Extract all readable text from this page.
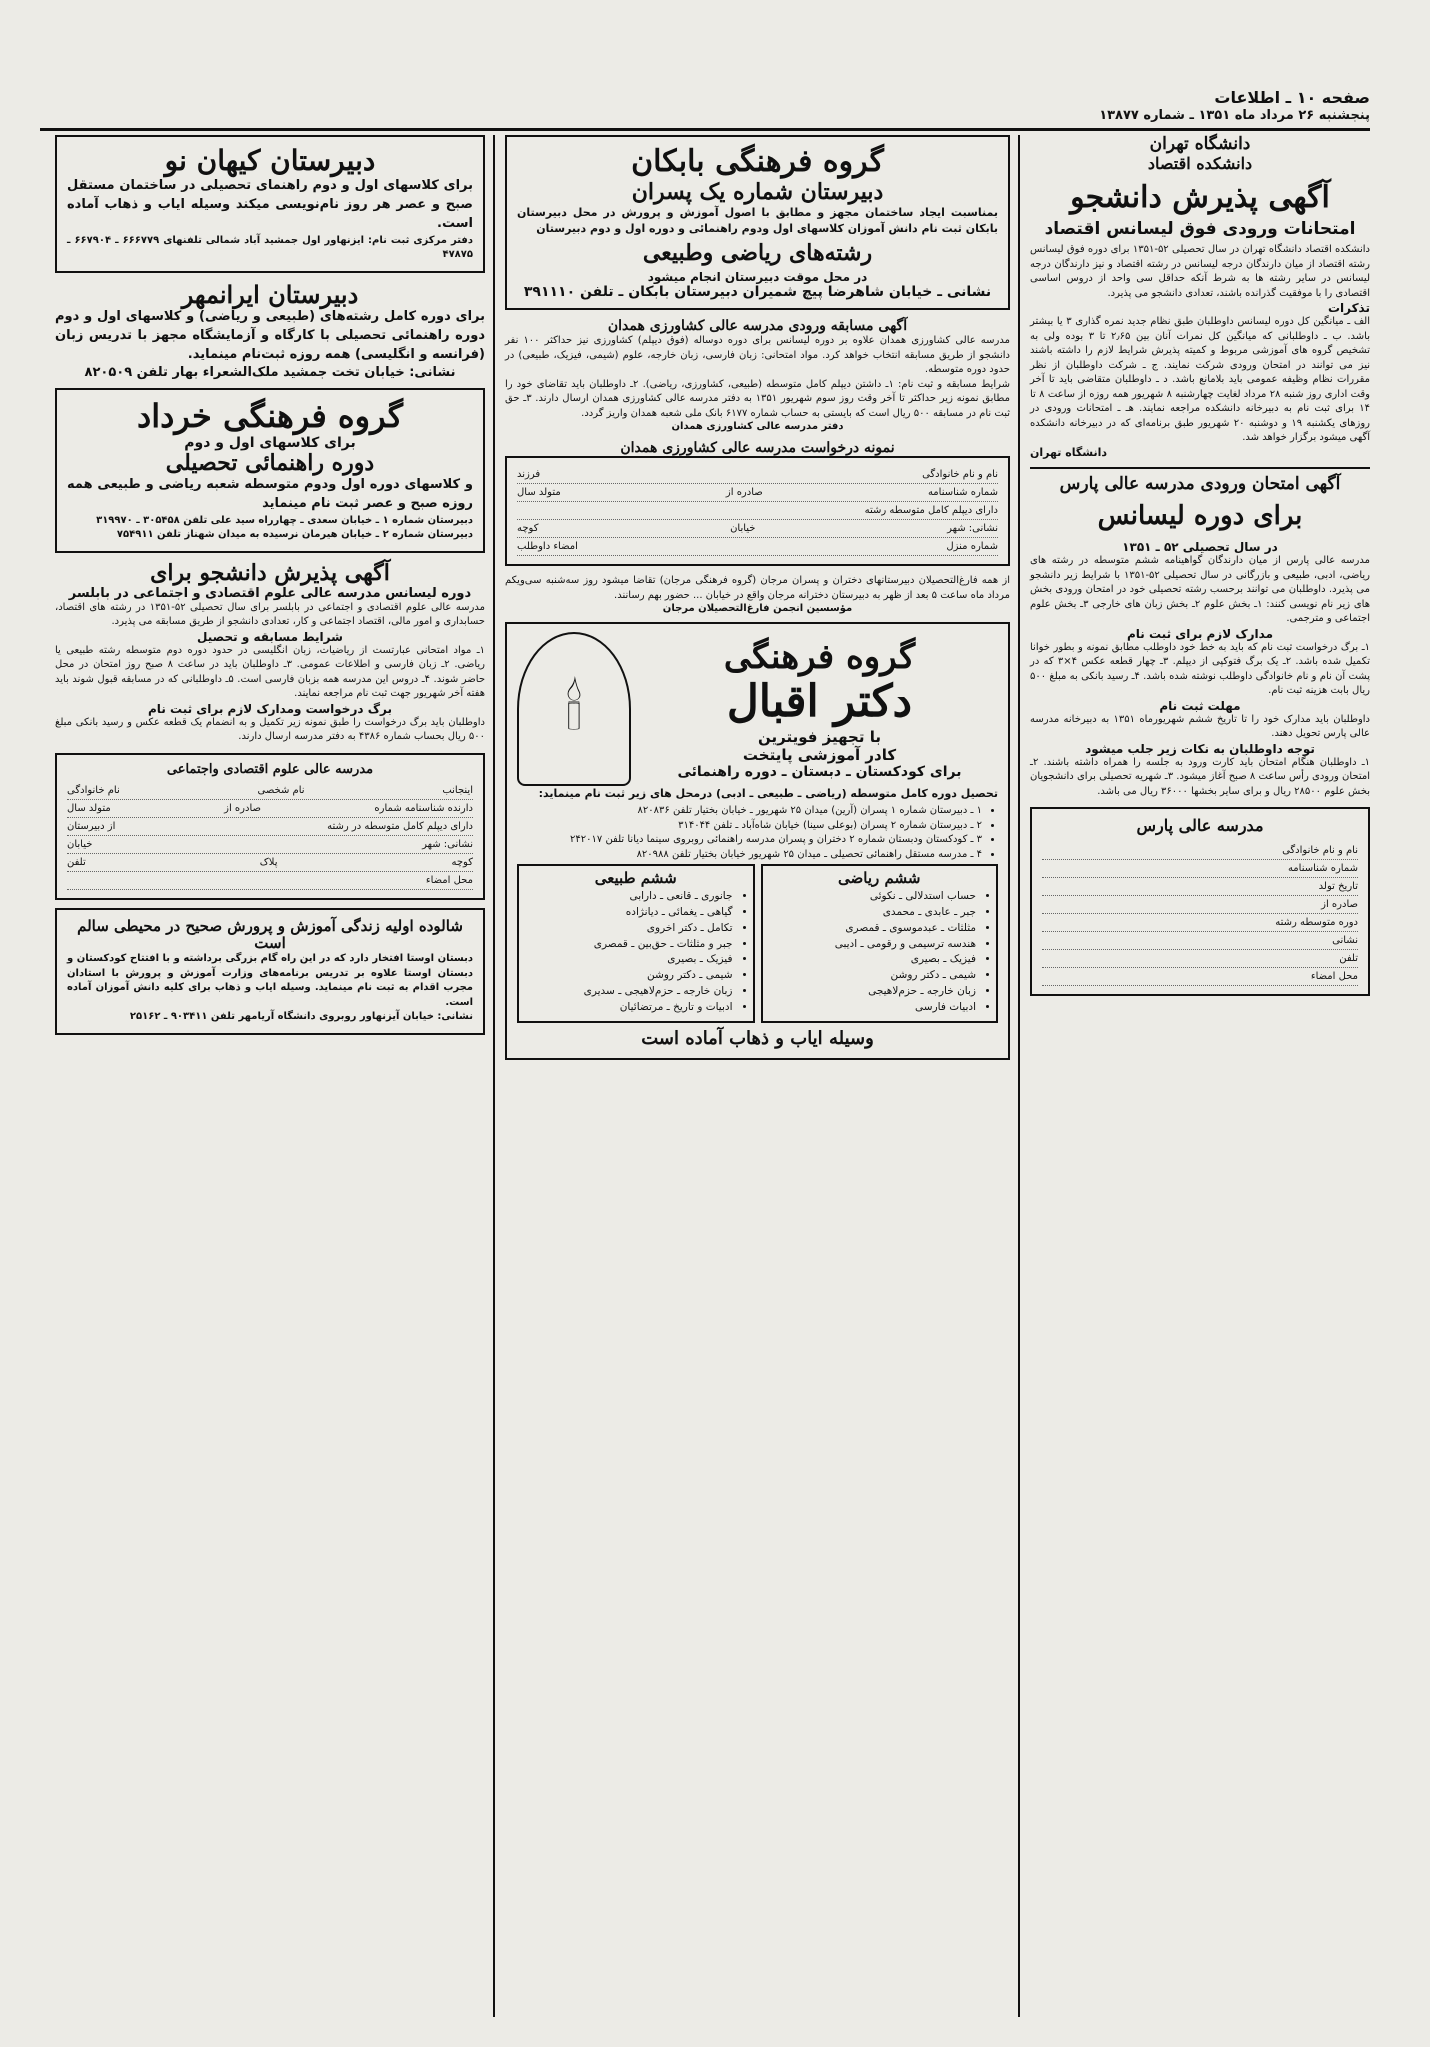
صفحه ۱۰ ـ اطلاعات
پنجشنبه ۲۶ مرداد ماه ۱۳۵۱ ـ شماره ۱۳۸۷۷
دانشگاه تهران
دانشکده اقتصاد
آگهی پذیرش دانشجو
امتحانات ورودی فوق لیسانس اقتصاد
دانشکده اقتصاد دانشگاه تهران در سال تحصیلی ۵۲-۱۳۵۱ برای دوره فوق لیسانس رشته اقتصاد از میان دارندگان درجه لیسانس در رشته اقتصاد و نیز دارندگان درجه لیسانس در سایر رشته ها به شرط آنکه حداقل سی واحد از دروس اساسی اقتصادی را با موفقیت گذرانده باشند، تعدادی دانشجو می پذیرد.
تذکرات
الف ـ میانگین کل دوره لیسانس داوطلبان طبق نظام جدید نمره گذاری ۳ یا بیشتر باشد. ب ـ داوطلبانی که میانگین کل نمرات آنان بین ۲٫۶۵ تا ۳ بوده ولی به تشخیص گروه های آموزشی مربوط و کمیته پذیرش شرایط لازم را داشته باشند نیز می توانند در امتحان ورودی شرکت نمایند. ج ـ شرکت داوطلبان از نظر مقررات نظام وظیفه عمومی باید بلامانع باشد. د ـ داوطلبان متقاضی باید تا آخر وقت اداری روز شنبه ۲۸ مرداد لغایت چهارشنبه ۸ شهریور همه روزه از ساعت ۸ تا ۱۴ برای ثبت نام به دبیرخانه دانشکده مراجعه نمایند. هـ ـ امتحانات ورودی در روزهای یکشنبه ۱۹ و دوشنبه ۲۰ شهریور طبق برنامه‌ای که در دبیرخانه دانشکده آگهی میشود برگزار خواهد شد.
دانشگاه تهران
آگهی امتحان ورودی مدرسه عالی پارس
برای دوره لیسانس
در سال تحصیلی ۵۲ ـ ۱۳۵۱
مدرسه عالی پارس از میان دارندگان گواهینامه ششم متوسطه در رشته های ریاضی، ادبی، طبیعی و بازرگانی در سال تحصیلی ۵۲-۱۳۵۱ با شرایط زیر دانشجو می پذیرد. داوطلبان می توانند برحسب رشته تحصیلی خود در امتحان ورودی بخش های زیر نام نویسی کنند: ۱ـ بخش علوم ۲ـ بخش زبان های خارجی ۳ـ بخش علوم اجتماعی و مترجمی.
مدارک لازم برای ثبت نام
۱ـ برگ درخواست ثبت نام که باید به خط خود داوطلب مطابق نمونه و بطور خوانا تکمیل شده باشد. ۲ـ یک برگ فتوکپی از دیپلم. ۳ـ چهار قطعه عکس ۴×۳ که در پشت آن نام و نام خانوادگی داوطلب نوشته شده باشد. ۴ـ رسید بانکی به مبلغ ۵۰۰ ریال بابت هزینه ثبت نام.
مهلت ثبت نام
داوطلبان باید مدارک خود را تا تاریخ ششم شهریورماه ۱۳۵۱ به دبیرخانه مدرسه عالی پارس تحویل دهند.
توجه داوطلبان به نکات زیر جلب میشود
۱ـ داوطلبان هنگام امتحان باید کارت ورود به جلسه را همراه داشته باشند. ۲ـ امتحان ورودی رأس ساعت ۸ صبح آغاز میشود. ۳ـ شهریه تحصیلی برای دانشجویان بخش علوم ۲۸۵۰۰ ریال و برای سایر بخشها ۳۶۰۰۰ ریال می باشد.
مدرسه عالی پارس
نام و نام خانوادگی
شماره شناسنامه
تاریخ تولد
صادره از
دوره متوسطه رشته
نشانی
تلفن
محل امضاء
گروه فرهنگی بابکان
دبیرستان شماره یک پسران
بمناسبت ایجاد ساختمان مجهز و مطابق با اصول آموزش و پرورش در محل دبیرستان بابکان ثبت نام دانش آموزان کلاسهای اول ودوم راهنمائی و دوره اول و دوم دبیرستان
رشته‌های ریاضی وطبیعی
در محل موقت دبیرستان انجام میشود
نشانی ـ خیابان شاهرضا پیچ شمیران دبیرستان بابکان ـ تلفن ۳۹۱۱۱۰
آگهی مسابقه ورودی مدرسه عالی کشاورزی همدان
مدرسه عالی کشاورزی همدان علاوه بر دوره لیسانس برای دوره دوساله (فوق دیپلم) کشاورزی نیز حداکثر ۱۰۰ نفر دانشجو از طریق مسابقه انتخاب خواهد کرد. مواد امتحانی: زبان فارسی، زبان خارجه، علوم (شیمی، فیزیک، طبیعی) در حدود دوره متوسطه.
شرایط مسابقه و ثبت نام: ۱ـ داشتن دیپلم کامل متوسطه (طبیعی، کشاورزی، ریاضی). ۲ـ داوطلبان باید تقاضای خود را مطابق نمونه زیر حداکثر تا آخر وقت روز سوم شهریور ۱۳۵۱ به دفتر مدرسه عالی کشاورزی همدان ارسال دارند. ۳ـ حق ثبت نام در مسابقه ۵۰۰ ریال است که بایستی به حساب شماره ۶۱۷۷ بانک ملی شعبه همدان واریز گردد.
دفتر مدرسه عالی کشاورزی همدان
نمونه درخواست مدرسه عالی کشاورزی همدان
نام و نام خانوادگی
فرزند
شماره شناسنامه
صادره از
متولد سال
دارای دیپلم کامل متوسطه رشته
نشانی: شهر
خیابان
کوچه
شماره منزل
امضاء داوطلب
از همه فارغ‌التحصیلان دبیرستانهای دختران و پسران مرجان (گروه فرهنگی مرجان) تقاضا میشود روز سه‌شنبه سی‌ویکم مرداد ماه ساعت ۵ بعد از ظهر به دبیرستان دخترانه مرجان واقع در خیابان ... حضور بهم رسانند.
مؤسسین انجمن فارغ‌التحصیلان مرجان
گروه فرهنگی
دکتر اقبال
با تجهیز فویترین
کادر آموزشی پایتخت
برای کودکستان ـ دبستان ـ دوره راهنمائی
🕯
تحصیل دوره کامل متوسطه (ریاضی ـ طبیعی ـ ادبی) درمحل های زیر ثبت نام مینماید:
• ۱ ـ دبیرستان شماره ۱ پسران (آرین) میدان ۲۵ شهریور ـ خیابان بختیار تلفن ۸۲۰۸۳۶
• ۲ ـ دبیرستان شماره ۲ پسران (بوعلی سینا) خیابان شاه‌آباد ـ تلفن ۳۱۴۰۴۴
• ۳ ـ کودکستان ودبستان شماره ۲ دختران و پسران مدرسه راهنمائی روبروی سینما دیانا تلفن ۲۴۲۰۱۷
• ۴ ـ مدرسه مستقل راهنمائی تحصیلی ـ میدان ۲۵ شهریور خیابان بختیار تلفن ۸۲۰۹۸۸
ششم ریاضی
• حساب استدلالی ـ نکوئی
• جبر ـ عابدی ـ محمدی
• مثلثات ـ عبدموسوی ـ قمصری
• هندسه ترسیمی و رقومی ـ ادیبی
• فیزیک ـ بصیری
• شیمی ـ دکتر روشن
• زبان خارجه ـ حزم‌لاهیجی
• ادبیات فارسی
ششم طبیعی
• جانوری ـ قانعی ـ دارابی
• گیاهی ـ یغمائی ـ دیانژاده
• تکامل ـ دکتر اخروی
• جبر و مثلثات ـ حق‌بین ـ قمصری
• فیزیک ـ بصیری
• شیمی ـ دکتر روشن
• زبان خارجه ـ حزم‌لاهیجی ـ سدیری
• ادبیات و تاریخ ـ مرتضائیان
وسیله ایاب و ذهاب آماده است
دبیرستان کیهان نو
برای کلاسهای اول و دوم راهنمای تحصیلی در ساختمان مستقل صبح و عصر هر روز نام‌نویسی میکند وسیله ایاب و ذهاب آماده است.
دفتر مرکزی ثبت نام: ایزنهاور اول جمشید آباد شمالی تلفنهای ۶۶۶۷۷۹ ـ ۶۶۷۹۰۴ ـ ۴۷۸۷۵
دبیرستان ایرانمهر
برای دوره کامل رشته‌های (طبیعی و ریاضی) و کلاسهای اول و دوم دوره راهنمائی تحصیلی با کارگاه و آزمایشگاه مجهز با تدریس زبان (فرانسه و انگلیسی) همه روزه ثبت‌نام مینماید.
نشانی: خیابان تخت جمشید ملک‌الشعراء بهار تلفن ۸۲۰۵۰۹
گروه فرهنگی خرداد
برای کلاسهای اول و دوم
دوره راهنمائی تحصیلی
و کلاسهای دوره اول ودوم متوسطه شعبه ریاضی و طبیعی همه روزه صبح و عصر ثبت نام مینماید
دبیرستان شماره ۱ ـ خیابان سعدی ـ چهارراه سید علی تلفن ۳۰۵۴۵۸ ـ ۳۱۹۹۷۰
دبیرستان شماره ۲ ـ خیابان هیرمان نرسیده به میدان شهناز تلفن ۷۵۴۹۱۱
آگهی پذیرش دانشجو برای
دوره لیسانس مدرسه عالی علوم اقتصادی و اجتماعی در بابلسر
مدرسه عالی علوم اقتصادی و اجتماعی در بابلسر برای سال تحصیلی ۵۲-۱۳۵۱ در رشته های اقتصاد، حسابداری و امور مالی، اقتصاد اجتماعی و کار، تعدادی دانشجو از طریق مسابقه می پذیرد.
شرایط مسابقه و تحصیل
۱ـ مواد امتحانی عبارتست از ریاضیات، زبان انگلیسی در حدود دوره دوم متوسطه رشته طبیعی یا ریاضی. ۲ـ زبان فارسی و اطلاعات عمومی. ۳ـ داوطلبان باید در ساعت ۸ صبح روز امتحان در محل حاضر شوند. ۴ـ دروس این مدرسه همه بزبان فارسی است. ۵ـ داوطلبانی که در مسابقه قبول شوند باید هفته آخر شهریور جهت ثبت نام مراجعه نمایند.
برگ درخواست ومدارک لازم برای ثبت نام
داوطلبان باید برگ درخواست را طبق نمونه زیر تکمیل و به انضمام یک قطعه عکس و رسید بانکی مبلغ ۵۰۰ ریال بحساب شماره ۴۳۸۶ به دفتر مدرسه ارسال دارند.
مدرسه عالی علوم اقتصادی واجتماعی
اینجانب
نام شخصی
نام خانوادگی
دارنده شناسنامه شماره
صادره از
متولد سال
دارای دیپلم کامل متوسطه در رشته
از دبیرستان
نشانی: شهر
خیابان
کوچه
پلاک
تلفن
محل امضاء
شالوده اولیه زندگی آموزش و پرورش صحیح در محیطی سالم است
دبستان اوستا افتخار دارد که در این راه گام بزرگی برداشته و با افتتاح کودکستان و دبستان اوستا علاوه بر تدریس برنامه‌های وزارت آموزش و پرورش با استادان مجرب اقدام به ثبت نام مینماید. وسیله ایاب و ذهاب برای کلیه دانش آموزان آماده است.
نشانی: خیابان آیزنهاور روبروی دانشگاه آریامهر تلفن ۹۰۳۴۱۱ ـ ۲۵۱۶۲
